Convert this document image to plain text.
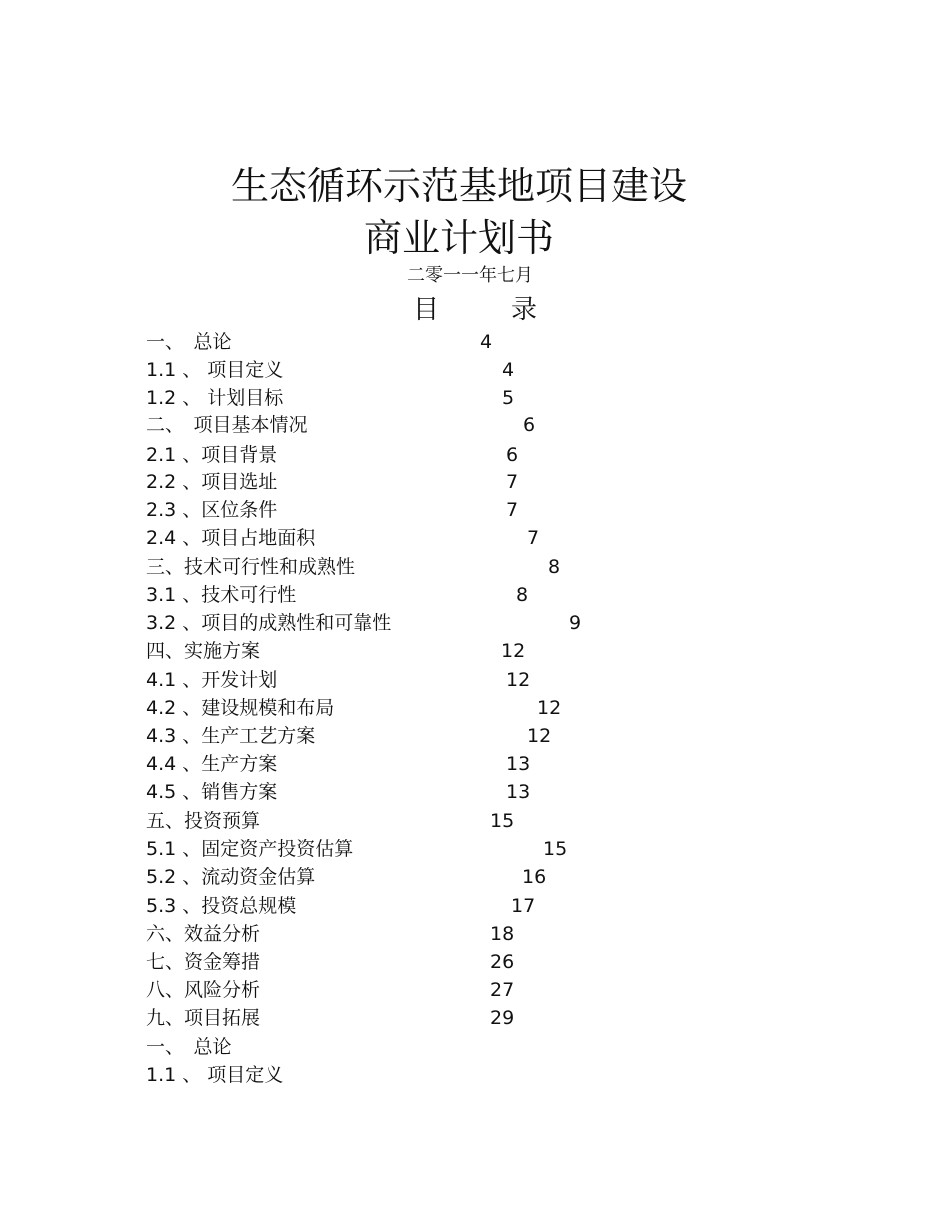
生态循环示范基地项目建设
商业计划书
二零一一年七月
目	录
一、　总论	4
1.1 、 项目定义	4
1.2 、 计划目标	5
二、　项目基本情况	6
2.1 、项目背景	6
2.2 、项目选址	7
2.3 、区位条件	7
2.4 、项目占地面积	7
三、技术可行性和成熟性	8
3.1 、技术可行性	8
3.2 、项目的成熟性和可靠性	9
四、实施方案	12
4.1 、开发计划	12
4.2 、建设规模和布局	12
4.3 、生产工艺方案	12
4.4 、生产方案	13
4.5 、销售方案	13
五、投资预算	15
5.1 、固定资产投资估算	15
5.2 、流动资金估算	16
5.3 、投资总规模	17
六、效益分析	18
七、资金筹措	26
八、风险分析	27
九、项目拓展	29
一、　总论
1.1 、 项目定义
